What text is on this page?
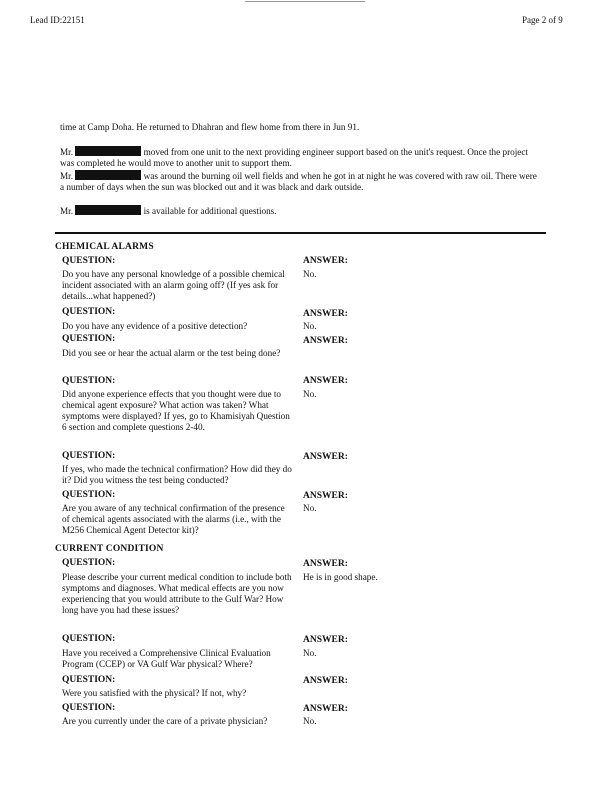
Lead ID:22151	Page 2 of 9
time at Camp Doha. He returned to Dhahran and flew home from there in Jun 91.
Mr.	moved from one unit to the next providing engineer support based on the unit's request. Once the project was completed he would move to another unit to support them.
Mr.	was around the burning oil well fields and when he got in at night he was covered with raw oil. There were a number of days when the sun was blocked out and it was black and dark outside.
Mr.	is available for additional questions.
CHEMICAL ALARMS
QUESTION:	ANSWER:
Do you have any personal knowledge of a possible chemical incident associated with an alarm going off? (If yes ask for details...what happened?)
No.
QUESTION:	ANSWER:
Do you have any evidence of a positive detection?	No.
QUESTION:	ANSWER:
Did you see or hear the actual alarm or the test being done?
QUESTION:	ANSWER:
Did anyone experience effects that you thought were due to chemical agent exposure? What action was taken? What symptoms were displayed? If yes, go to Khamisiyah Question 6 section and complete questions 2-40.
No.
QUESTION:	ANSWER:
If yes, who made the technical confirmation? How did they do it? Did you witness the test being conducted?
QUESTION:	ANSWER:
Are you aware of any technical confirmation of the presence of chemical agents associated with the alarms (i.e., with the M256 Chemical Agent Detector kit)?
No.
CURRENT CONDITION
QUESTION:	ANSWER:
Please describe your current medical condition to include both symptoms and diagnoses. What medical effects are you now experiencing that you would attribute to the Gulf War? How long have you had these issues?
He is in good shape.
QUESTION:	ANSWER:
Have you received a Comprehensive Clinical Evaluation Program (CCEP) or VA Gulf War physical? Where?
No.
QUESTION:	ANSWER:
Were you satisfied with the physical? If not, why?
QUESTION:	ANSWER:
Are you currently under the care of a private physician?	No.
